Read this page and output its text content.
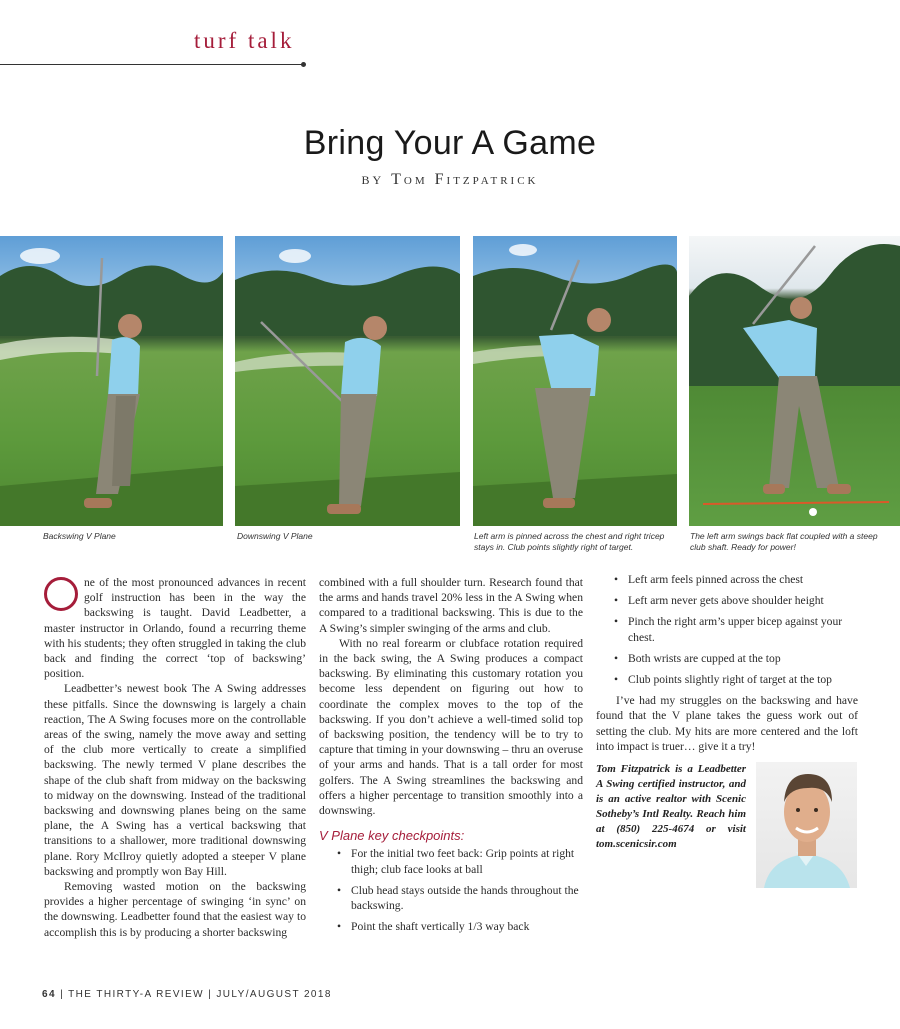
turf talk
Bring Your A Game
BY Tom Fitzpatrick
Backswing V Plane	Downswing V Plane	Left arm is pinned across the chest and right tricep stays in. Club points slightly right of target.
The left arm swings back flat coupled with a steep club shaft. Ready for power!

ne of the most pronounced advances in recent golf instruction has been in the way the backswing is taught. David Leadbetter, a master instructor in Orlando, found a recurring theme with his students; they often struggled in taking the club back and finding the correct ‘top of backswing’ position.

Leadbetter’s newest book The A Swing addresses these pitfalls. Since the downswing is largely a chain reaction, The A Swing focuses more on the controllable areas of the swing, namely the move away and setting of the club more vertically to create a simplified backswing. The newly termed V plane describes the shape of the club shaft from midway on the backswing to midway on the downswing. Instead of the traditional backswing and downswing planes being on the same plane, the A Swing has a vertical backswing that transitions to a shallower, more traditional downswing plane. Rory McIlroy quietly adopted a steeper V plane backswing and promptly won Bay Hill.

Removing wasted motion on the backswing provides a higher percentage of swinging ‘in sync’ on the downswing. Leadbetter found that the easiest way to accomplish this is by producing a shorter backswing

combined with a full shoulder turn. Research found that the arms and hands travel 20% less in the A Swing when compared to a traditional backswing. This is due to the A Swing’s simpler swinging of the arms and club.

With no real forearm or clubface rotation required in the back swing, the A Swing produces a compact backswing. By eliminating this customary rotation you become less dependent on figuring out how to coordinate the complex moves to the top of the backswing. If you don’t achieve a well-timed solid top of backswing position, the tendency will be to try to capture that timing in your downswing – thru an overuse of your arms and hands. That is a tall order for most golfers. The A Swing streamlines the backswing and offers a higher percentage to transition smoothly into a downswing.

V Plane key checkpoints:
• For the initial two feet back: Grip points at right thigh; club face looks at ball
• Club head stays outside the hands throughout the backswing.
• Point the shaft vertically 1/3 way back
• Left arm feels pinned across the chest
• Left arm never gets above shoulder height
• Pinch the right arm’s upper bicep against your chest.
• Both wrists are cupped at the top
• Club points slightly right of target at the top

I’ve had my struggles on the backswing and have found that the V plane takes the guess work out of setting the club. My hits are more centered and the loft into impact is truer… give it a try!

Tom Fitzpatrick is a Leadbetter A Swing certified instructor, and is an active realtor with Scenic Sotheby’s Intl Realty. Reach him at (850) 225-4674 or visit tom.scenicsir.com
64 | THE THIRTY-A REVIEW | JULY/AUGUST 2018
